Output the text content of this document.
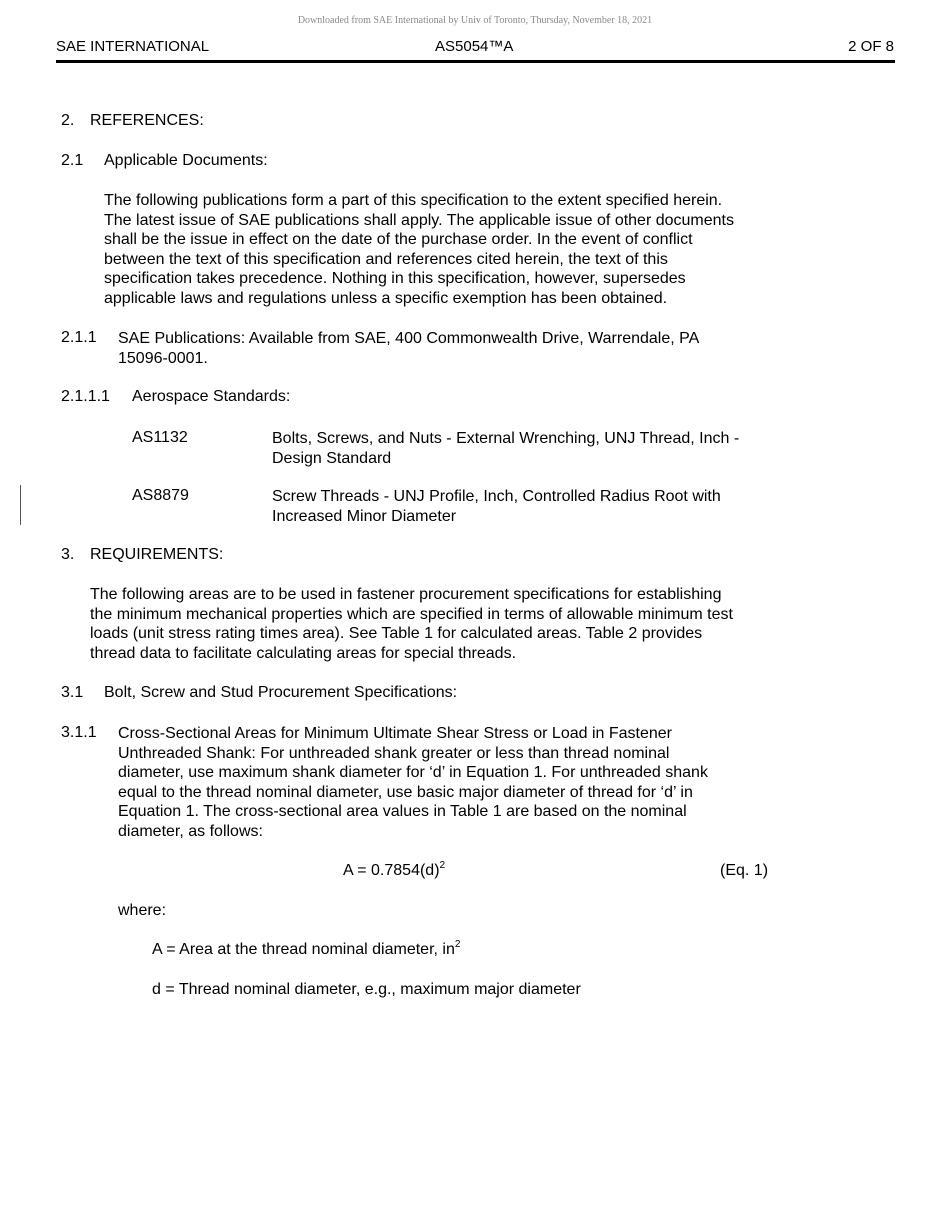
Downloaded from SAE International by Univ of Toronto, Thursday, November 18, 2021
SAE INTERNATIONAL	AS5054™A	2 OF 8
2. REFERENCES:
2.1 Applicable Documents:
The following publications form a part of this specification to the extent specified herein.
The latest issue of SAE publications shall apply. The applicable issue of other documents
shall be the issue in effect on the date of the purchase order. In the event of conflict
between the text of this specification and references cited herein, the text of this
specification takes precedence. Nothing in this specification, however, supersedes
applicable laws and regulations unless a specific exemption has been obtained.
2.1.1 SAE Publications: Available from SAE, 400 Commonwealth Drive, Warrendale, PA
15096-0001.
2.1.1.1 Aerospace Standards:
AS1132	Bolts, Screws, and Nuts - External Wrenching, UNJ Thread, Inch -
Design Standard
AS8879	Screw Threads - UNJ Profile, Inch, Controlled Radius Root with
Increased Minor Diameter
3. REQUIREMENTS:
The following areas are to be used in fastener procurement specifications for establishing
the minimum mechanical properties which are specified in terms of allowable minimum test
loads (unit stress rating times area). See Table 1 for calculated areas. Table 2 provides
thread data to facilitate calculating areas for special threads.
3.1 Bolt, Screw and Stud Procurement Specifications:
3.1.1 Cross-Sectional Areas for Minimum Ultimate Shear Stress or Load in Fastener
Unthreaded Shank: For unthreaded shank greater or less than thread nominal
diameter, use maximum shank diameter for ‘d’ in Equation 1. For unthreaded shank
equal to the thread nominal diameter, use basic major diameter of thread for ‘d’ in
Equation 1. The cross-sectional area values in Table 1 are based on the nominal
diameter, as follows:
$A = 0.7854(d)^2$	(Eq. 1)
where:
A = Area at the thread nominal diameter, $in^2$
d = Thread nominal diameter, e.g., maximum major diameter
